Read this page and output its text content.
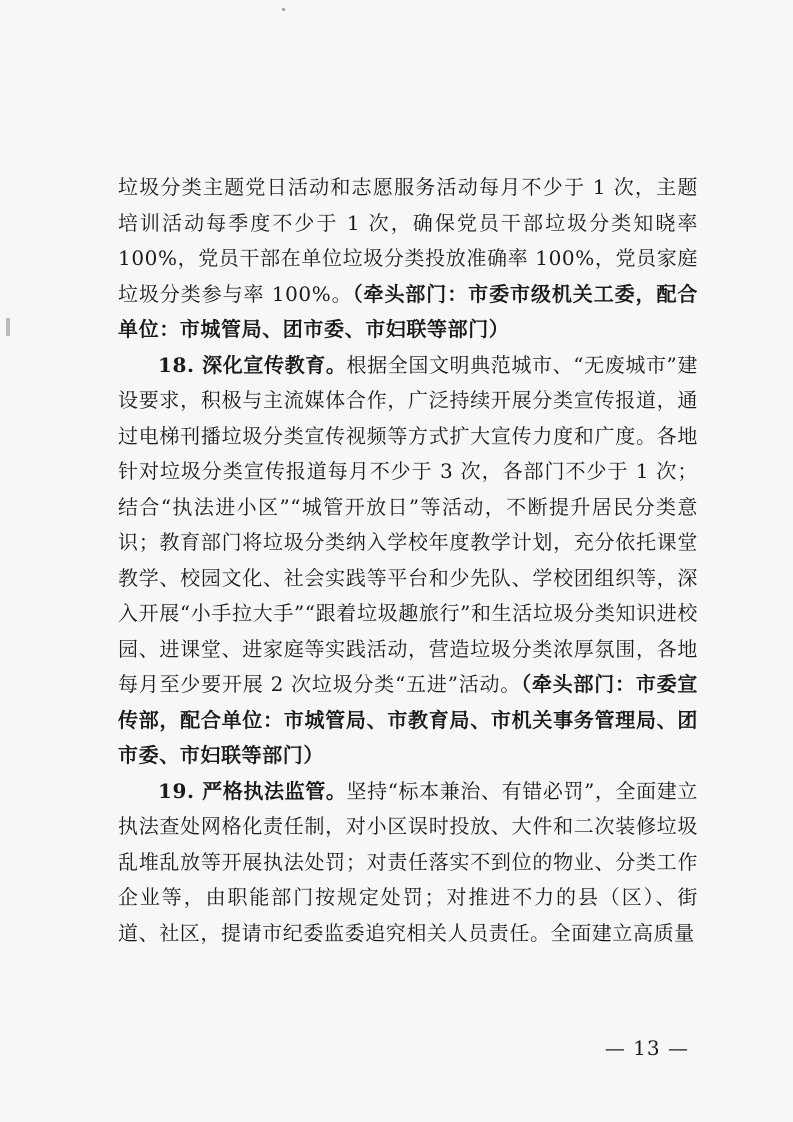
垃圾分类主题党日活动和志愿服务活动每月不少于 1 次，主题培训活动每季度不少于 1 次，确保党员干部垃圾分类知晓率 100%，党员干部在单位垃圾分类投放准确率 100%，党员家庭垃圾分类参与率 100%。（牵头部门：市委市级机关工委，配合单位：市城管局、团市委、市妇联等部门）

18. 深化宣传教育。根据全国文明典范城市、“无废城市”建设要求，积极与主流媒体合作，广泛持续开展分类宣传报道，通过电梯刊播垃圾分类宣传视频等方式扩大宣传力度和广度。各地针对垃圾分类宣传报道每月不少于 3 次，各部门不少于 1 次；结合“执法进小区”“城管开放日”等活动，不断提升居民分类意识；教育部门将垃圾分类纳入学校年度教学计划，充分依托课堂教学、校园文化、社会实践等平台和少先队、学校团组织等，深入开展“小手拉大手”“跟着垃圾趣旅行”和生活垃圾分类知识进校园、进课堂、进家庭等实践活动，营造垃圾分类浓厚氛围，各地每月至少要开展 2 次垃圾分类“五进”活动。（牵头部门：市委宣传部，配合单位：市城管局、市教育局、市机关事务管理局、团市委、市妇联等部门）

19. 严格执法监管。坚持“标本兼治、有错必罚”，全面建立执法查处网格化责任制，对小区误时投放、大件和二次装修垃圾乱堆乱放等开展执法处罚；对责任落实不到位的物业、分类工作企业等，由职能部门按规定处罚；对推进不力的县（区）、街道、社区，提请市纪委监委追究相关人员责任。全面建立高质量

— 13 —
